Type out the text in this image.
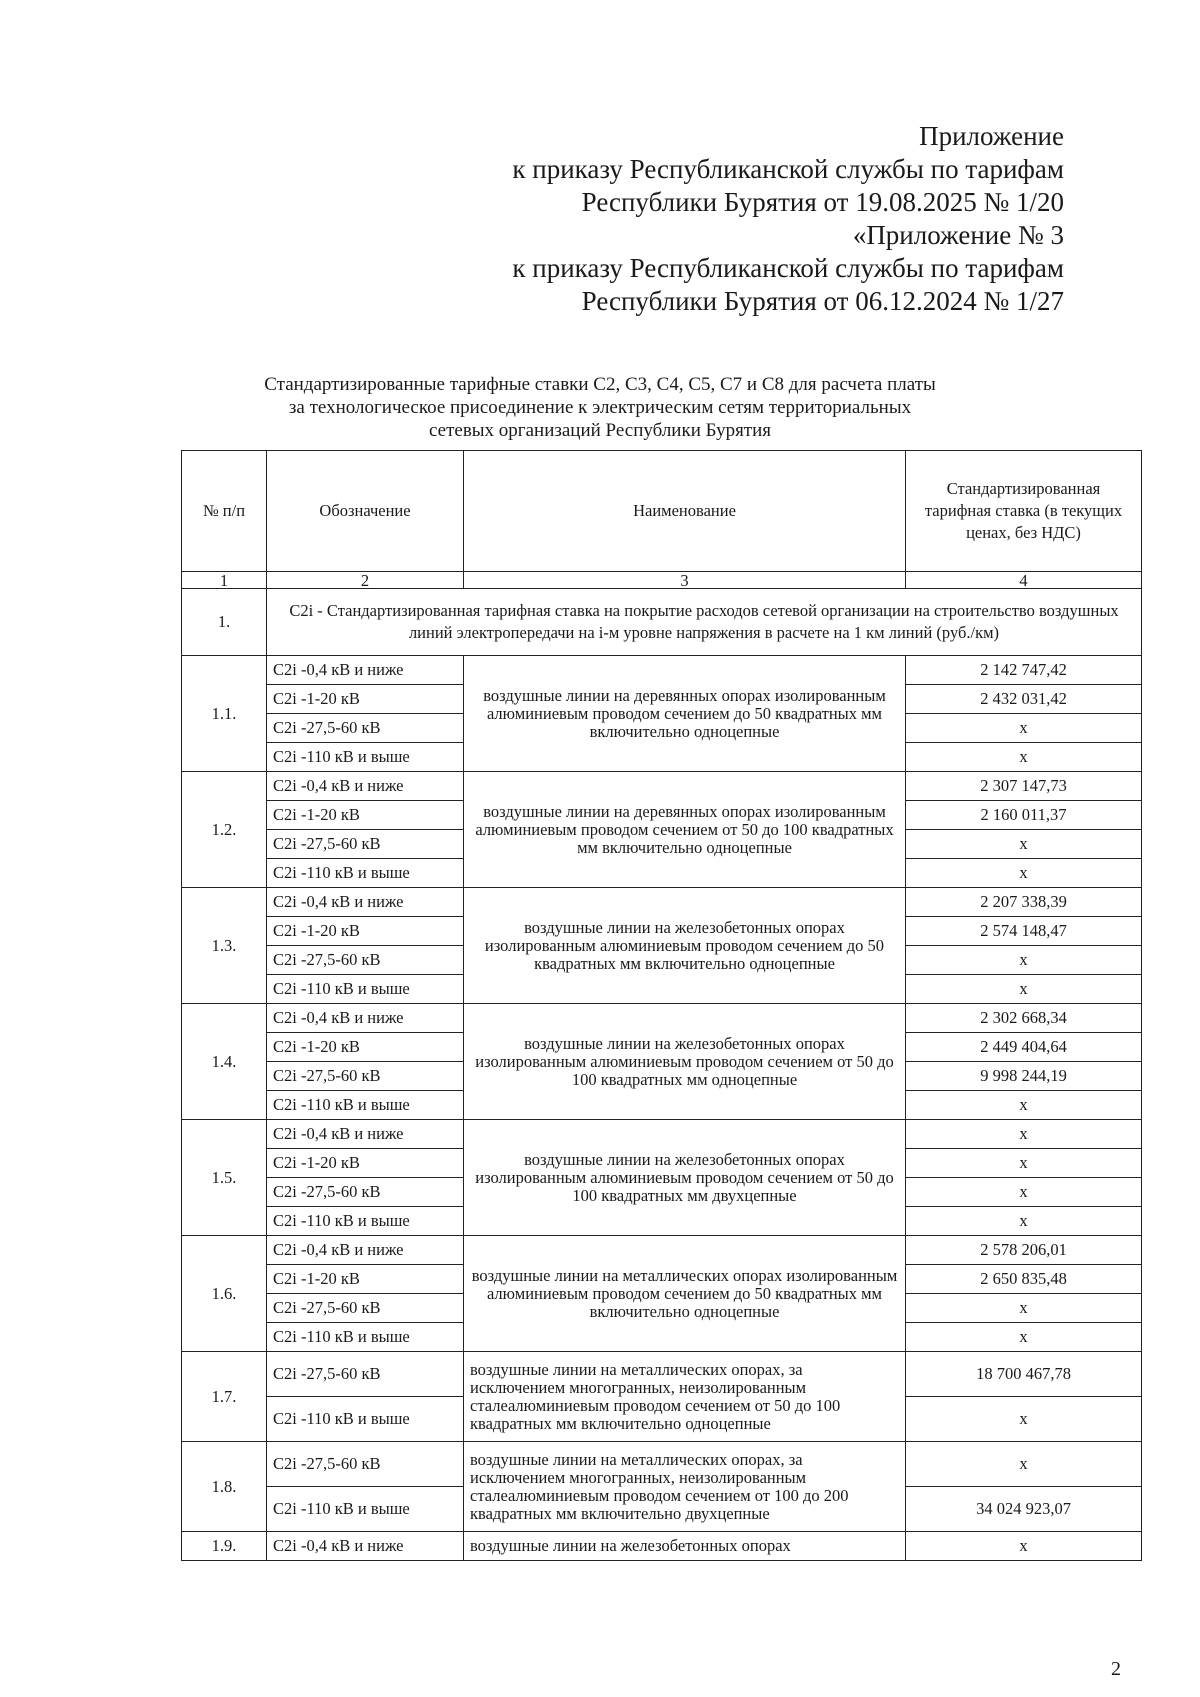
Приложение
к приказу Республиканской службы по тарифам
Республики Бурятия от 19.08.2025 № 1/20
«Приложение № 3
к приказу Республиканской службы по тарифам
Республики Бурятия от 06.12.2024 № 1/27
Стандартизированные тарифные ставки С2, С3, С4, С5, С7 и С8 для расчета платы
за технологическое присоединение к электрическим сетям территориальных
сетевых организаций Республики Бурятия
№ п/п	Обозначение	Наименование	Стандартизированная тарифная ставка (в текущих ценах, без НДС)
1	2	3	4
1.	С2i - Стандартизированная тарифная ставка на покрытие расходов сетевой организации на строительство воздушных линий электропередачи на i-м уровне напряжения в расчете на 1 км линий (руб./км)		
1.1.	С2i -0,4 кВ и ниже	воздушные линии на деревянных опорах изолированным алюминиевым проводом сечением до 50 квадратных мм включительно одноцепные	2 142 747,42
	С2i -1-20 кВ		2 432 031,42
	С2i -27,5-60 кВ		x
	С2i -110 кВ и выше		x
1.2.	С2i -0,4 кВ и ниже	воздушные линии на деревянных опорах изолированным алюминиевым проводом сечением от 50 до 100 квадратных мм включительно одноцепные	2 307 147,73
	С2i -1-20 кВ		2 160 011,37
	С2i -27,5-60 кВ		x
	С2i -110 кВ и выше		x
1.3.	С2i -0,4 кВ и ниже	воздушные линии на железобетонных опорах изолированным алюминиевым проводом сечением до 50 квадратных мм включительно одноцепные	2 207 338,39
	С2i -1-20 кВ		2 574 148,47
	С2i -27,5-60 кВ		x
	С2i -110 кВ и выше		x
1.4.	С2i -0,4 кВ и ниже	воздушные линии на железобетонных опорах изолированным алюминиевым проводом сечением от 50 до 100 квадратных мм одноцепные	2 302 668,34
	С2i -1-20 кВ		2 449 404,64
	С2i -27,5-60 кВ		9 998 244,19
	С2i -110 кВ и выше		x
1.5.	С2i -0,4 кВ и ниже	воздушные линии на железобетонных опорах изолированным алюминиевым проводом сечением от 50 до 100 квадратных мм двухцепные	x
	С2i -1-20 кВ		x
	С2i -27,5-60 кВ		x
	С2i -110 кВ и выше		x
1.6.	С2i -0,4 кВ и ниже	воздушные линии на металлических опорах изолированным алюминиевым проводом сечением до 50 квадратных мм включительно одноцепные	2 578 206,01
	С2i -1-20 кВ		2 650 835,48
	С2i -27,5-60 кВ		x
	С2i -110 кВ и выше		x
1.7.	С2i -27,5-60 кВ	воздушные линии на металлических опорах, за исключением многогранных, неизолированным сталеалюминиевым проводом сечением от 50 до 100 квадратных мм включительно одноцепные	18 700 467,78
	С2i -110 кВ и выше		x
1.8.	С2i -27,5-60 кВ	воздушные линии на металлических опорах, за исключением многогранных, неизолированным сталеалюминиевым проводом сечением от 100 до 200 квадратных мм включительно двухцепные	x
	С2i -110 кВ и выше		34 024 923,07
1.9.	С2i -0,4 кВ и ниже	воздушные линии на железобетонных опорах	x
2
